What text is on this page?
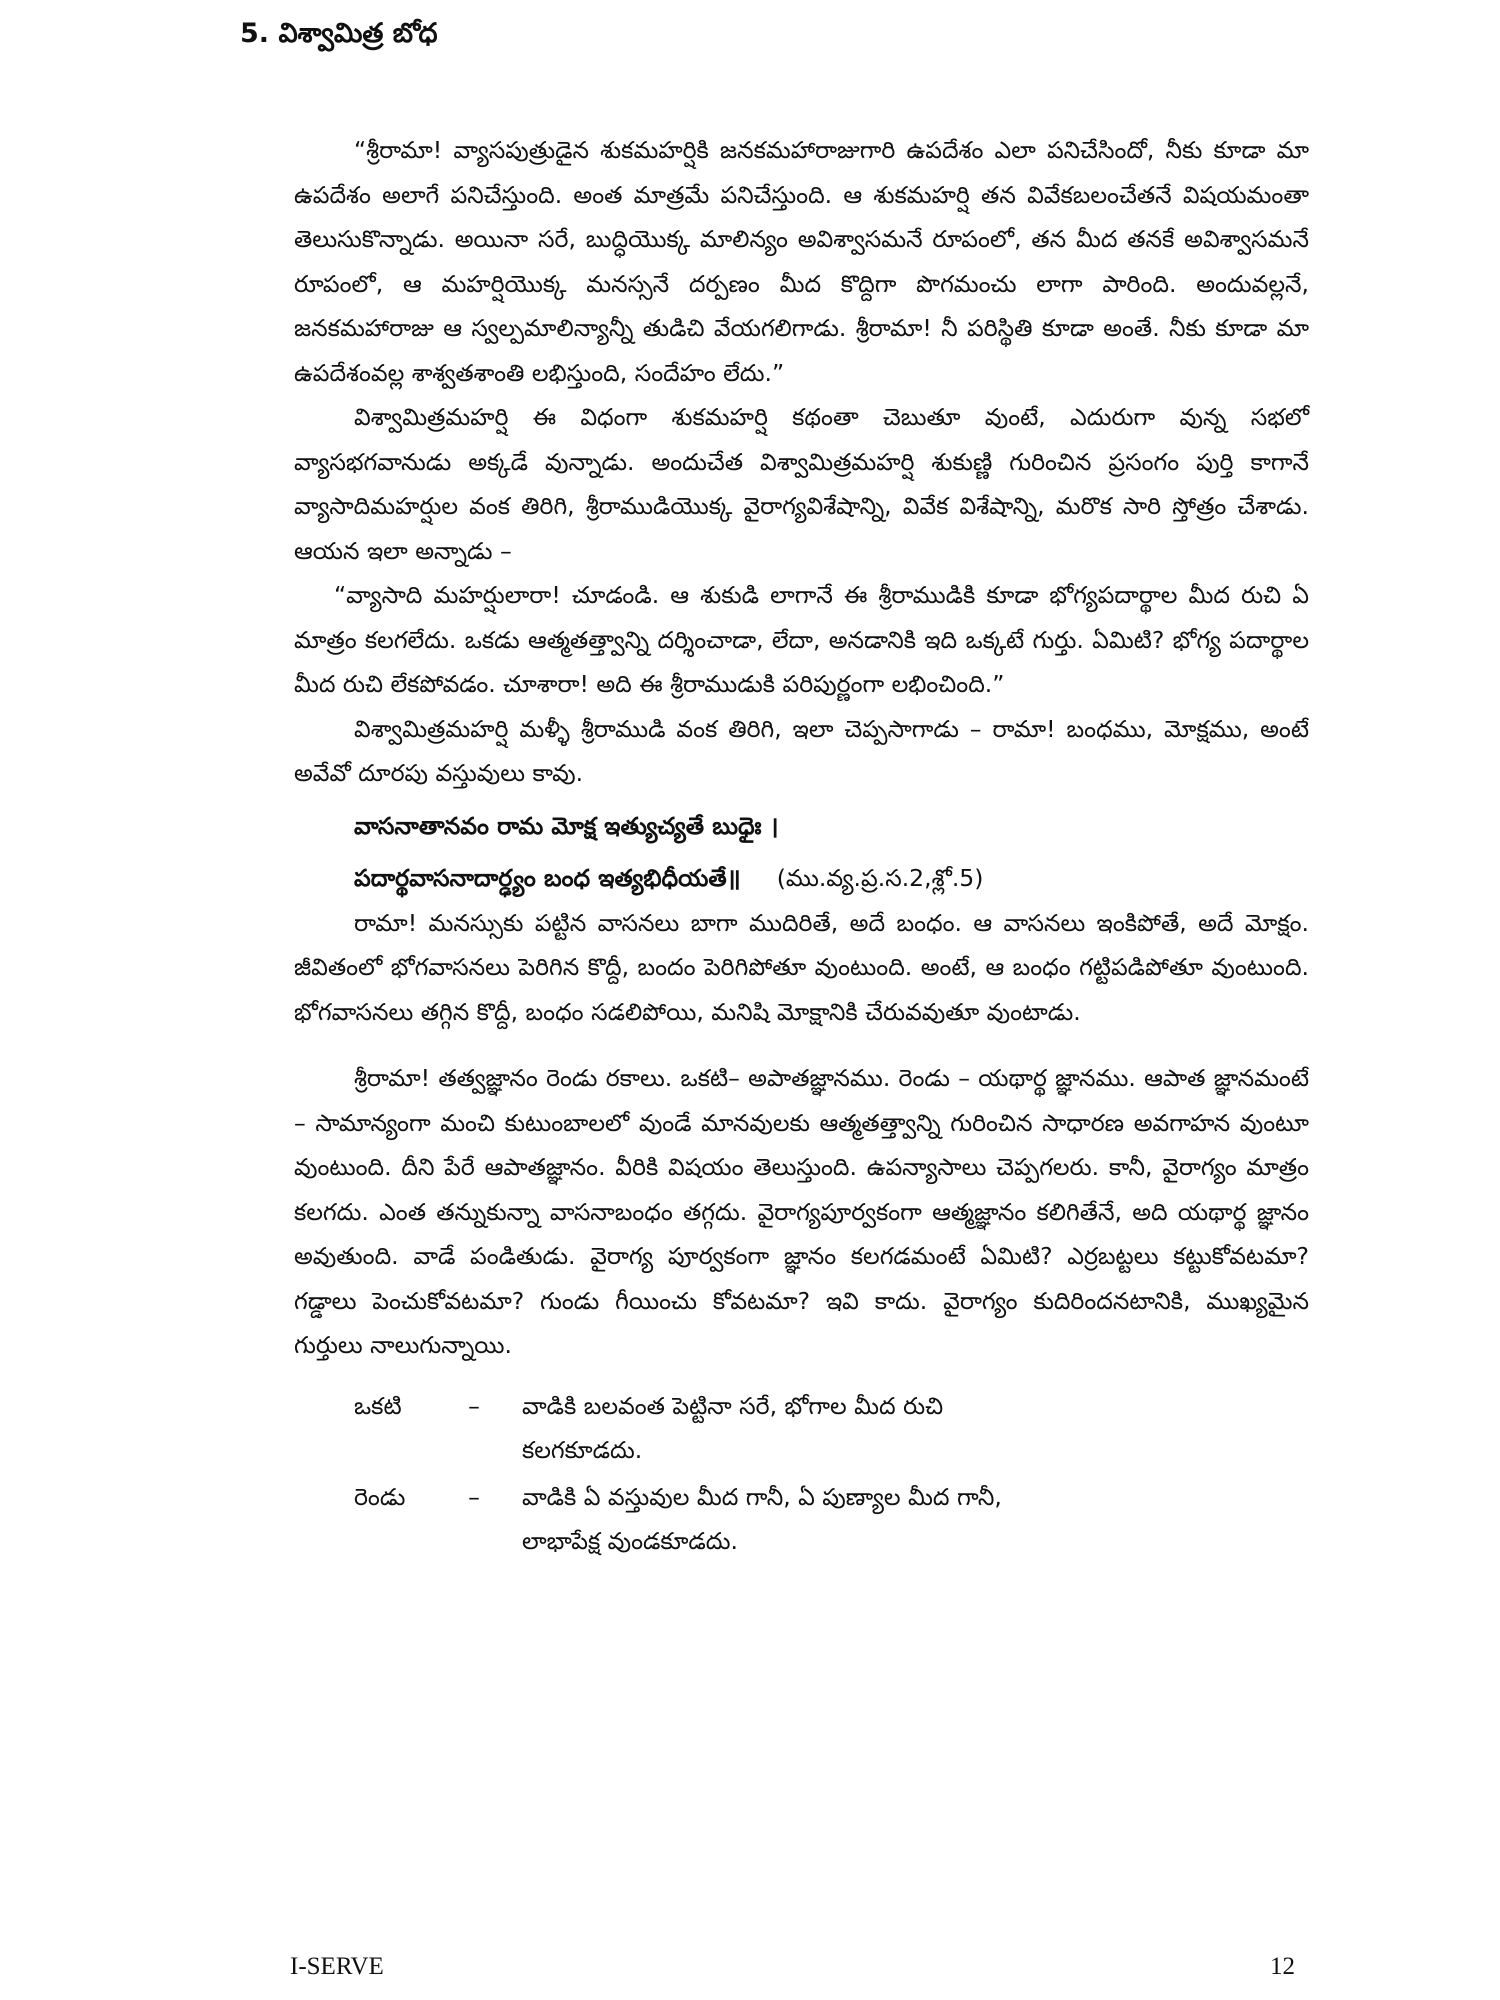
5. విశ్వామిత్ర బోధ

“శ్రీరామా! వ్యాసపుత్రుడైన శుకమహర్షికి జనకమహారాజుగారి ఉపదేశం ఎలా పనిచేసిందో, నీకు కూడా మా ఉపదేశం అలాగే పనిచేస్తుంది. అంత మాత్రమే పనిచేస్తుంది. ఆ శుకమహర్షి తన వివేకబలంచేతనే విషయమంతా తెలుసుకొన్నాడు. అయినా సరే, బుద్ధియొక్క మాలిన్యం అవిశ్వాసమనే రూపంలో, తన మీద తనకే అవిశ్వాసమనే రూపంలో, ఆ మహర్షియొక్క మనస్సనే దర్పణం మీద కొద్దిగా పొగమంచు లాగా పారింది. అందువల్లనే, జనకమహారాజు ఆ స్వల్పమాలిన్యాన్నీ తుడిచి వేయగలిగాడు. శ్రీరామా! నీ పరిస్థితి కూడా అంతే. నీకు కూడా మా ఉపదేశంవల్ల శాశ్వతశాంతి లభిస్తుంది, సందేహం లేదు.”

విశ్వామిత్రమహర్షి ఈ విధంగా శుకమహర్షి కథంతా చెబుతూ వుంటే, ఎదురుగా వున్న సభలో వ్యాసభగవానుడు అక్కడే వున్నాడు. అందుచేత విశ్వామిత్రమహర్షి శుకుణ్ణి గురించిన ప్రసంగం పుర్తి కాగానే వ్యాసాదిమహర్షుల వంక తిరిగి, శ్రీరాముడియొక్క వైరాగ్యవిశేషాన్ని, వివేక విశేషాన్ని, మరొక సారి స్తోత్రం చేశాడు. ఆయన ఇలా అన్నాడు –

“వ్యాసాది మహర్షులారా! చూడండి. ఆ శుకుడి లాగానే ఈ శ్రీరాముడికి కూడా భోగ్యపదార్థాల మీద రుచి ఏ మాత్రం కలగలేదు. ఒకడు ఆత్మతత్త్వాన్ని దర్శించాడా, లేదా, అనడానికి ఇది ఒక్కటే గుర్తు. ఏమిటి? భోగ్య పదార్థాల మీద రుచి లేకపోవడం. చూశారా! అది ఈ శ్రీరాముడుకి పరిపుర్ణంగా లభించింది.”

విశ్వామిత్రమహర్షి మళ్ళీ శ్రీరాముడి వంక తిరిగి, ఇలా చెప్పసాగాడు – రామా! బంధము, మోక్షము, అంటే అవేవో దూరపు వస్తువులు కావు.

వాసనాతానవం రామ మోక్ష ఇత్యుచ్యతే బుధైః ।
పదార్థవాసనాదార్ఢ్యం బంధ ఇత్యభిధీయతే॥ (ము.వ్య.ప్ర.స.2,శ్లో.5)

రామా! మనస్సుకు పట్టిన వాసనలు బాగా ముదిరితే, అదే బంధం. ఆ వాసనలు ఇంకిపోతే, అదే మోక్షం. జీవితంలో భోగవాసనలు పెరిగిన కొద్దీ, బందం పెరిగిపోతూ వుంటుంది. అంటే, ఆ బంధం గట్టిపడిపోతూ వుంటుంది. భోగవాసనలు తగ్గిన కొద్దీ, బంధం సడలిపోయి, మనిషి మోక్షానికి చేరువవుతూ వుంటాడు.

శ్రీరామా! తత్వజ్ఞానం రెండు రకాలు. ఒకటి– అపాతజ్ఞానము. రెండు – యథార్థ జ్ఞానము. ఆపాత జ్ఞానమంటే – సామాన్యంగా మంచి కుటుంబాలలో వుండే మానవులకు ఆత్మతత్త్వాన్ని గురించిన సాధారణ అవగాహన వుంటూ వుంటుంది. దీని పేరే ఆపాతజ్ఞానం. వీరికి విషయం తెలుస్తుంది. ఉపన్యాసాలు చెప్పగలరు. కానీ, వైరాగ్యం మాత్రం కలగదు. ఎంత తన్నుకున్నా వాసనాబంధం తగ్గదు. వైరాగ్యపూర్వకంగా ఆత్మజ్ఞానం కలిగితేనే, అది యథార్థ జ్ఞానం అవుతుంది. వాడే పండితుడు. వైరాగ్య పూర్వకంగా జ్ఞానం కలగడమంటే ఏమిటి? ఎర్రబట్టలు కట్టుకోవటమా? గడ్డాలు పెంచుకోవటమా? గుండు గీయించు కోవటమా? ఇవి కాదు. వైరాగ్యం కుదిరిందనటానికి, ముఖ్యమైన గుర్తులు నాలుగున్నాయి.

ఒకటి	–	వాడికి బలవంత పెట్టినా సరే, భోగాల మీద రుచి కలగకూడదు.
రెండు	–	వాడికి ఏ వస్తువుల మీద గానీ, ఏ పుణ్యాల మీద గానీ, లాభాపేక్ష వుండకూడదు.
I-SERVE	12
